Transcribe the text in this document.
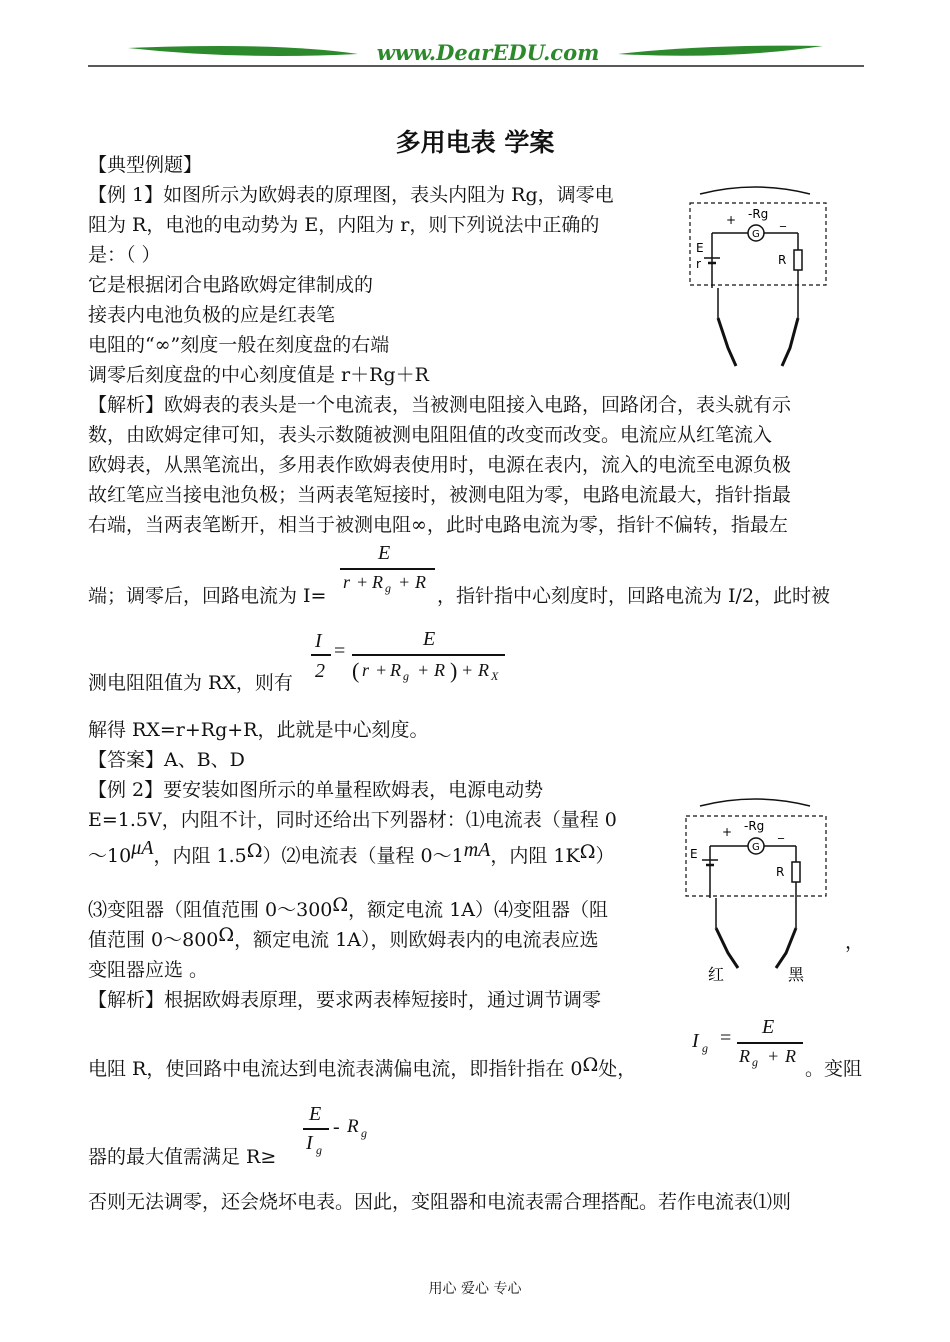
www.DearEDU.com
多用电表 学案
【典型例题】
【例 1】如图所示为欧姆表的原理图，表头内阻为 Rg，调零电
阻为 R，电池的电动势为 E，内阻为 r，则下列说法中正确的
是：（ ）
它是根据闭合电路欧姆定律制成的
接表内电池负极的应是红表笔
电阻的“∞”刻度一般在刻度盘的右端
调零后刻度盘的中心刻度值是 r＋Rg＋R
-Rg
+	_
G
E
r	R
【解析】欧姆表的表头是一个电流表，当被测电阻接入电路，回路闭合，表头就有示
数，由欧姆定律可知，表头示数随被测电阻阻值的改变而改变。电流应从红笔流入
欧姆表，从黑笔流出，多用表作欧姆表使用时，电源在表内，流入的电流至电源负极
故红笔应当接电池负极；当两表笔短接时，被测电阻为零，电路电流最大，指针指最
右端，当两表笔断开，相当于被测电阻∞，此时电路电流为零，指针不偏转，指最左
E
r + R g + R
端；调零后，回路电流为 I=	，指针指中心刻度时，回路电流为 I/2，此时被
I
2
=
E
( r + R g + R ) + R X
测电阻阻值为 RX，则有
解得 RX=r+Rg+R，此就是中心刻度。
【答案】A、B、D
【例 2】要安装如图所示的单量程欧姆表，电源电动势
E=1.5V，内阻不计，同时还给出下列器材：⑴电流表（量程 0
～10μA，内阻 1.5Ω）⑵电流表（量程 0～1mA，内阻 1KΩ）
⑶变阻器（阻值范围 0～300Ω，额定电流 1A）⑷变阻器（阻
值范围 0～800Ω，额定电流 1A），则欧姆表内的电流表应选	，
变阻器应选 。
-Rg
+	_
G
E
R
红	黑
【解析】根据欧姆表原理，要求两表棒短接时，通过调节调零
I g = E
R g + R
电阻 R，使回路中电流达到电流表满偏电流，即指针指在 0Ω处，	。变阻
E
I g
- R g
器的最大值需满足 R≥
否则无法调零，还会烧坏电表。因此，变阻器和电流表需合理搭配。若作电流表⑴则
用心 爱心 专心
